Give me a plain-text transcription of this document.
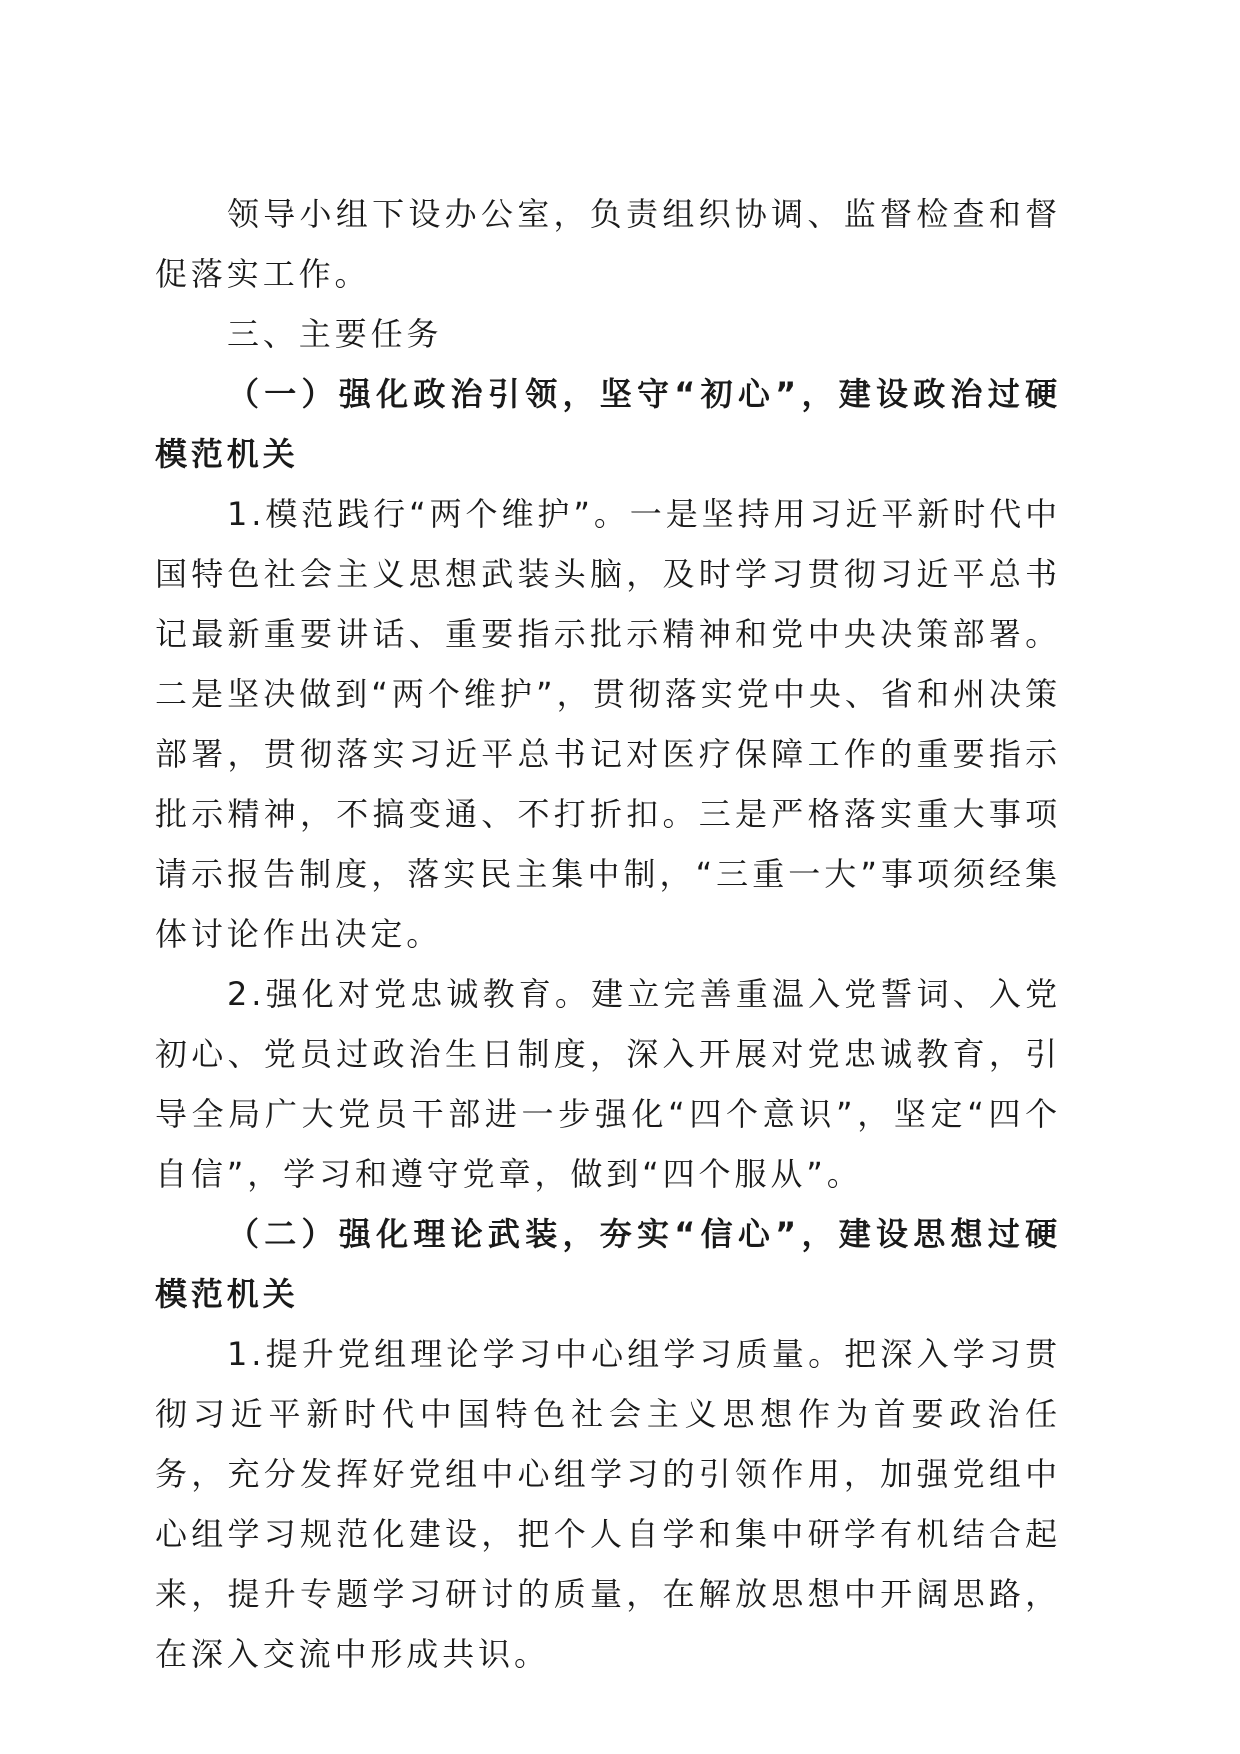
领导小组下设办公室，负责组织协调、监督检查和督促落实工作。

三、主要任务

（一）强化政治引领，坚守“初心”，建设政治过硬模范机关

1.模范践行“两个维护”。一是坚持用习近平新时代中国特色社会主义思想武装头脑，及时学习贯彻习近平总书记最新重要讲话、重要指示批示精神和党中央决策部署。二是坚决做到“两个维护”，贯彻落实党中央、省和州决策部署，贯彻落实习近平总书记对医疗保障工作的重要指示批示精神，不搞变通、不打折扣。三是严格落实重大事项请示报告制度，落实民主集中制，“三重一大”事项须经集体讨论作出决定。

2.强化对党忠诚教育。建立完善重温入党誓词、入党初心、党员过政治生日制度，深入开展对党忠诚教育，引导全局广大党员干部进一步强化“四个意识”，坚定“四个自信”，学习和遵守党章，做到“四个服从”。

（二）强化理论武装，夯实“信心”，建设思想过硬模范机关

1.提升党组理论学习中心组学习质量。把深入学习贯彻习近平新时代中国特色社会主义思想作为首要政治任务，充分发挥好党组中心组学习的引领作用，加强党组中心组学习规范化建设，把个人自学和集中研学有机结合起来，提升专题学习研讨的质量，在解放思想中开阔思路，在深入交流中形成共识。
